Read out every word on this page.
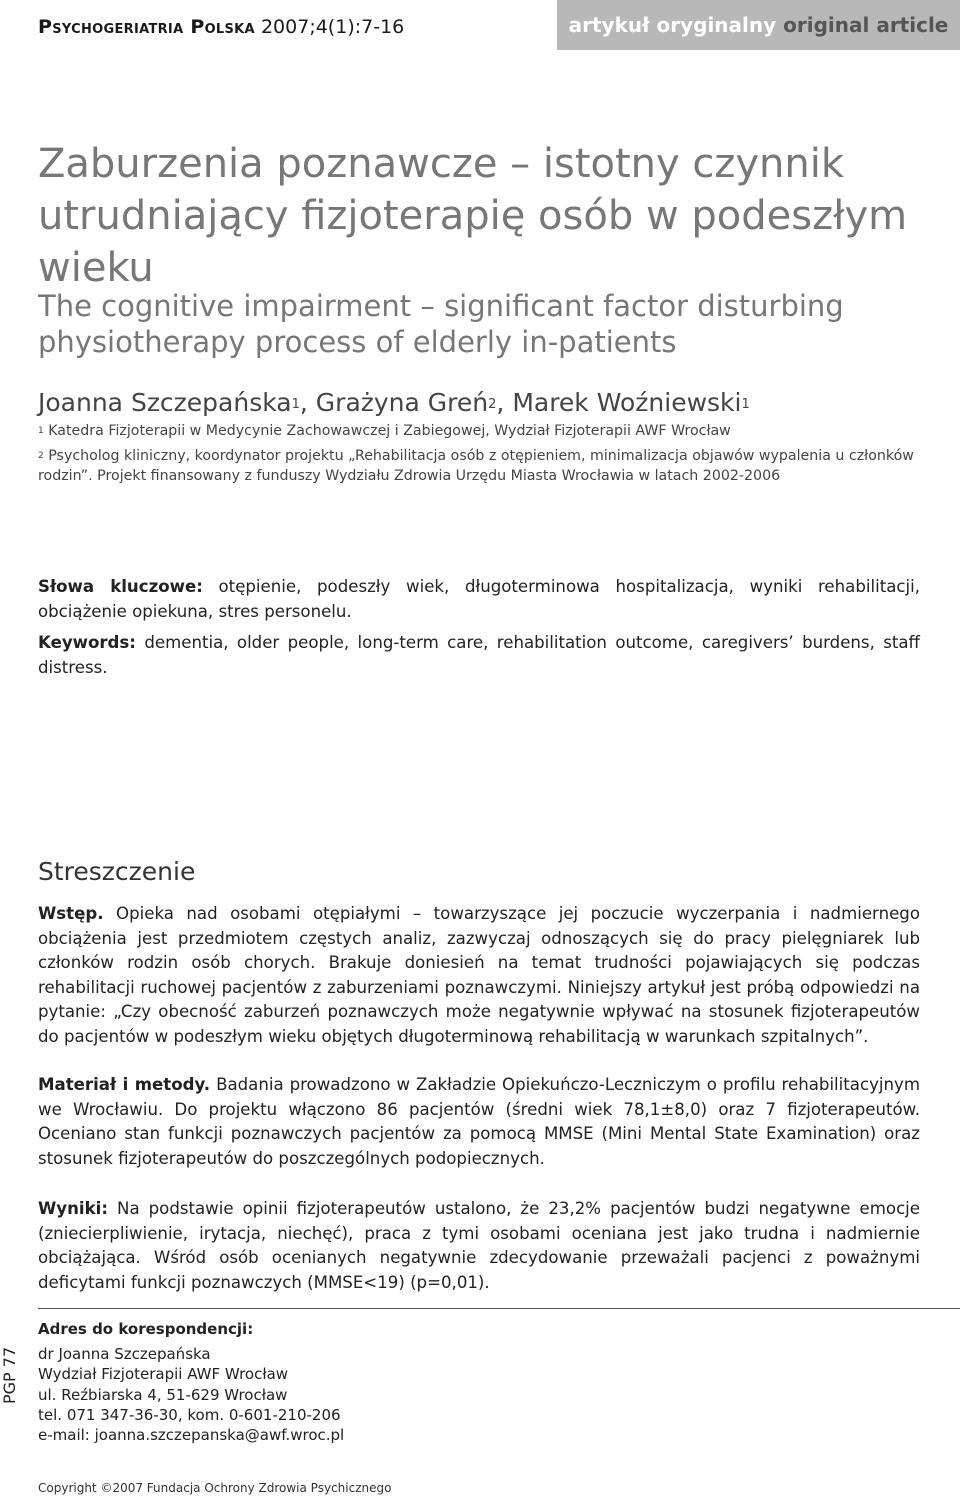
Psychogeriatria Polska 2007;4(1):7-16	artykuł oryginalny original article
Zaburzenia poznawcze – istotny czynnik utrudniający fizjoterapię osób w podeszłym wieku
The cognitive impairment – significant factor disturbing physiotherapy process of elderly in-patients
Joanna Szczepańska$^1$, Grażyna Greń$^2$, Marek Woźniewski$^1$
$^1$ Katedra Fizjoterapii w Medycynie Zachowawczej i Zabiegowej, Wydział Fizjoterapii AWF Wrocław
$^2$ Psycholog kliniczny, koordynator projektu „Rehabilitacja osób z otępieniem, minimalizacja objawów wypalenia u członków rodzin”. Projekt finansowany z funduszy Wydziału Zdrowia Urzędu Miasta Wrocławia w latach 2002-2006
Słowa kluczowe: otępienie, podeszły wiek, długoterminowa hospitalizacja, wyniki rehabilitacji, obciążenie opiekuna, stres personelu.
Keywords: dementia, older people, long-term care, rehabilitation outcome, caregivers’ burdens, staff distress.
Streszczenie

Wstęp. Opieka nad osobami otępiałymi – towarzyszące jej poczucie wyczerpania i nadmiernego obciążenia jest przedmiotem częstych analiz, zazwyczaj odnoszących się do pracy pielęgniarek lub członków rodzin osób chorych. Brakuje doniesień na temat trudności pojawiających się podczas rehabilitacji ruchowej pacjentów z zaburzeniami poznawczymi. Niniejszy artykuł jest próbą odpowiedzi na pytanie: „Czy obecność zaburzeń poznawczych może negatywnie wpływać na stosunek fizjoterapeutów do pacjentów w podeszłym wieku objętych długoterminową rehabilitacją w warunkach szpitalnych”.

Materiał i metody. Badania prowadzono w Zakładzie Opiekuńczo-Leczniczym o profilu rehabilitacyjnym we Wrocławiu. Do projektu włączono 86 pacjentów (średni wiek 78,1±8,0) oraz 7 fizjoterapeutów. Oceniano stan funkcji poznawczych pacjentów za pomocą MMSE (Mini Mental State Examination) oraz stosunek fizjoterapeutów do poszczególnych podopiecznych.

Wyniki: Na podstawie opinii fizjoterapeutów ustalono, że 23,2% pacjentów budzi negatywne emocje (zniecierpliwienie, irytacja, niechęć), praca z tymi osobami oceniana jest jako trudna i nadmiernie obciążająca. Wśród osób ocenianych negatywnie zdecydowanie przeważali pacjenci z poważnymi deficytami funkcji poznawczych (MMSE<19) (p=0,01).

Adres do korespondencji:
dr Joanna Szczepańska
Wydział Fizjoterapii AWF Wrocław
ul. Reźbiarska 4, 51-629 Wrocław
tel. 071 347-36-30, kom. 0-601-210-206
e-mail: joanna.szczepanska@awf.wroc.pl
PGP 77
Copyright ©2007 Fundacja Ochrony Zdrowia Psychicznego
